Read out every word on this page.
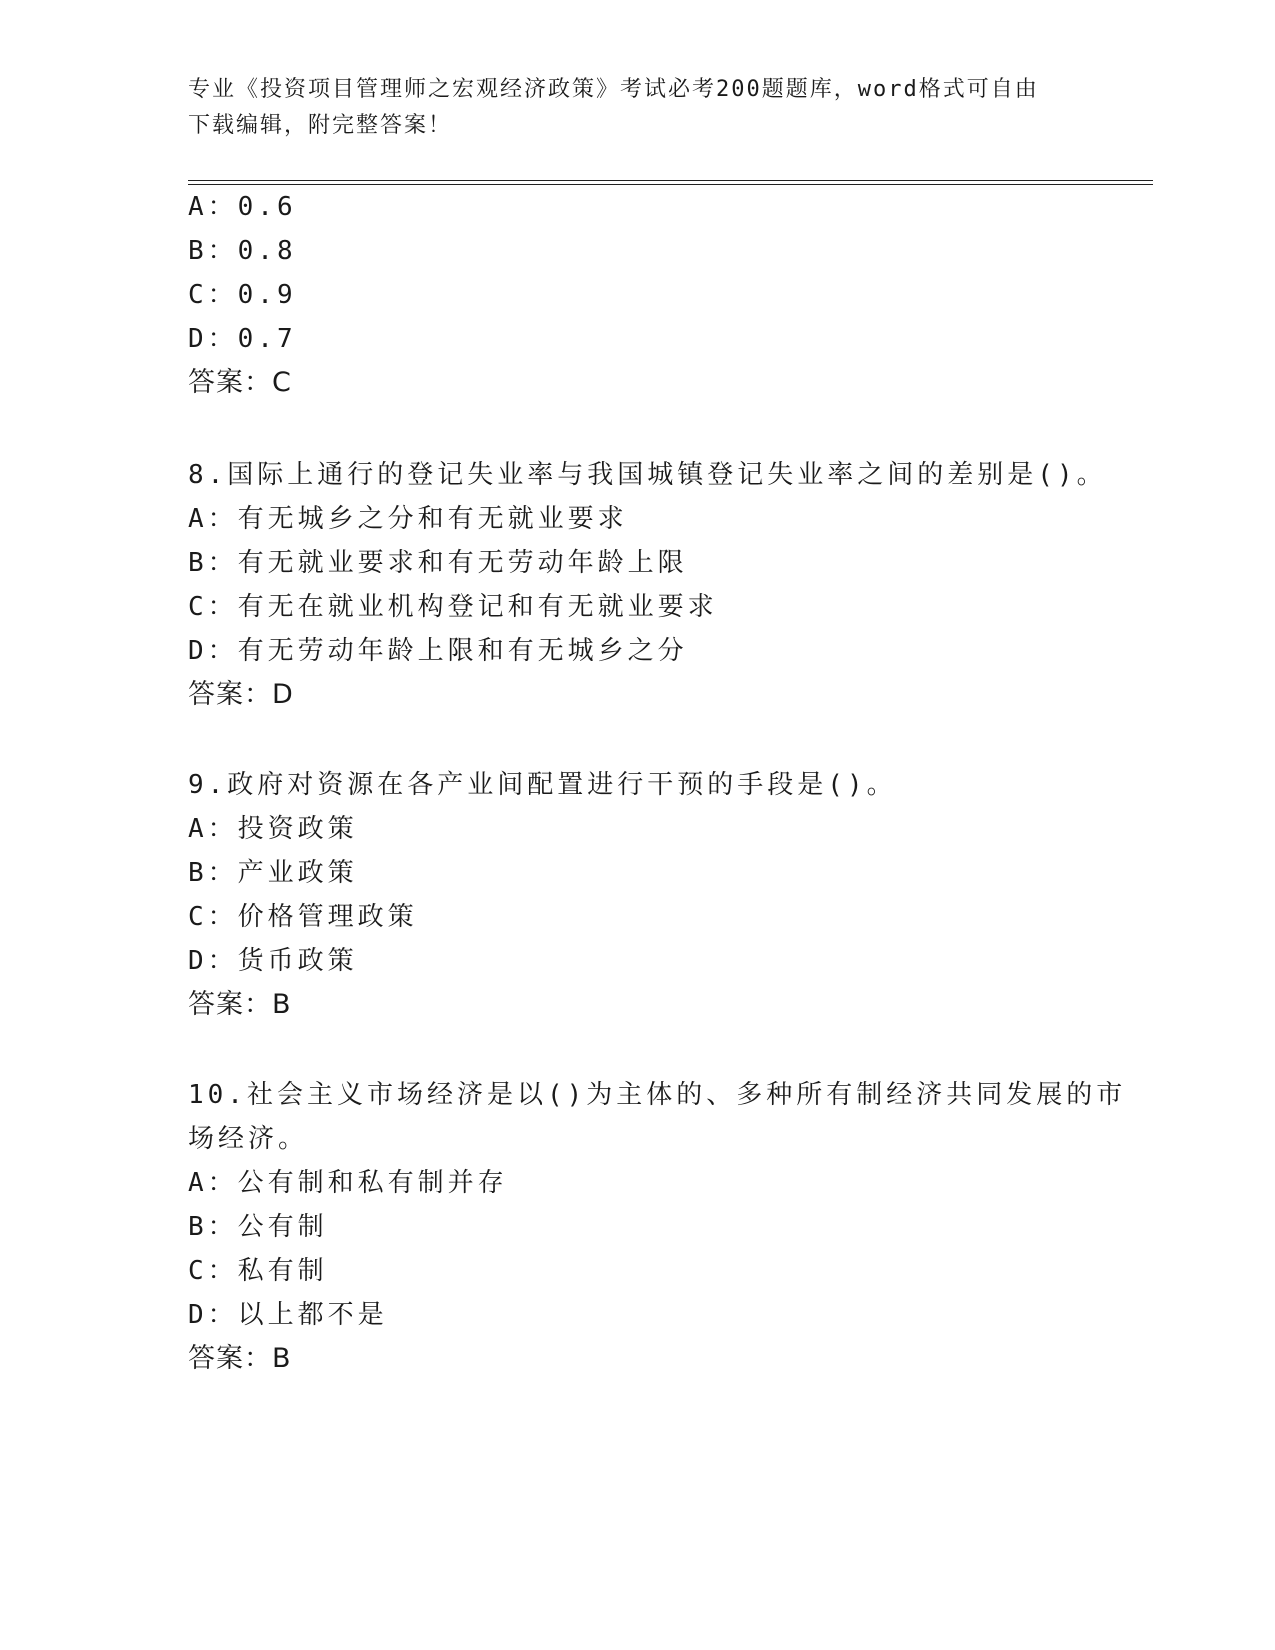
专业《投资项目管理师之宏观经济政策》考试必考200题题库，word格式可自由
下载编辑，附完整答案！
A：0.6
B：0.8
C：0.9
D：0.7
答案：C
8.国际上通行的登记失业率与我国城镇登记失业率之间的差别是()。
A：有无城乡之分和有无就业要求
B：有无就业要求和有无劳动年龄上限
C：有无在就业机构登记和有无就业要求
D：有无劳动年龄上限和有无城乡之分
答案：D
9.政府对资源在各产业间配置进行干预的手段是()。
A：投资政策
B：产业政策
C：价格管理政策
D：货币政策
答案：B
10.社会主义市场经济是以()为主体的、多种所有制经济共同发展的市
场经济。
A：公有制和私有制并存
B：公有制
C：私有制
D：以上都不是
答案：B
